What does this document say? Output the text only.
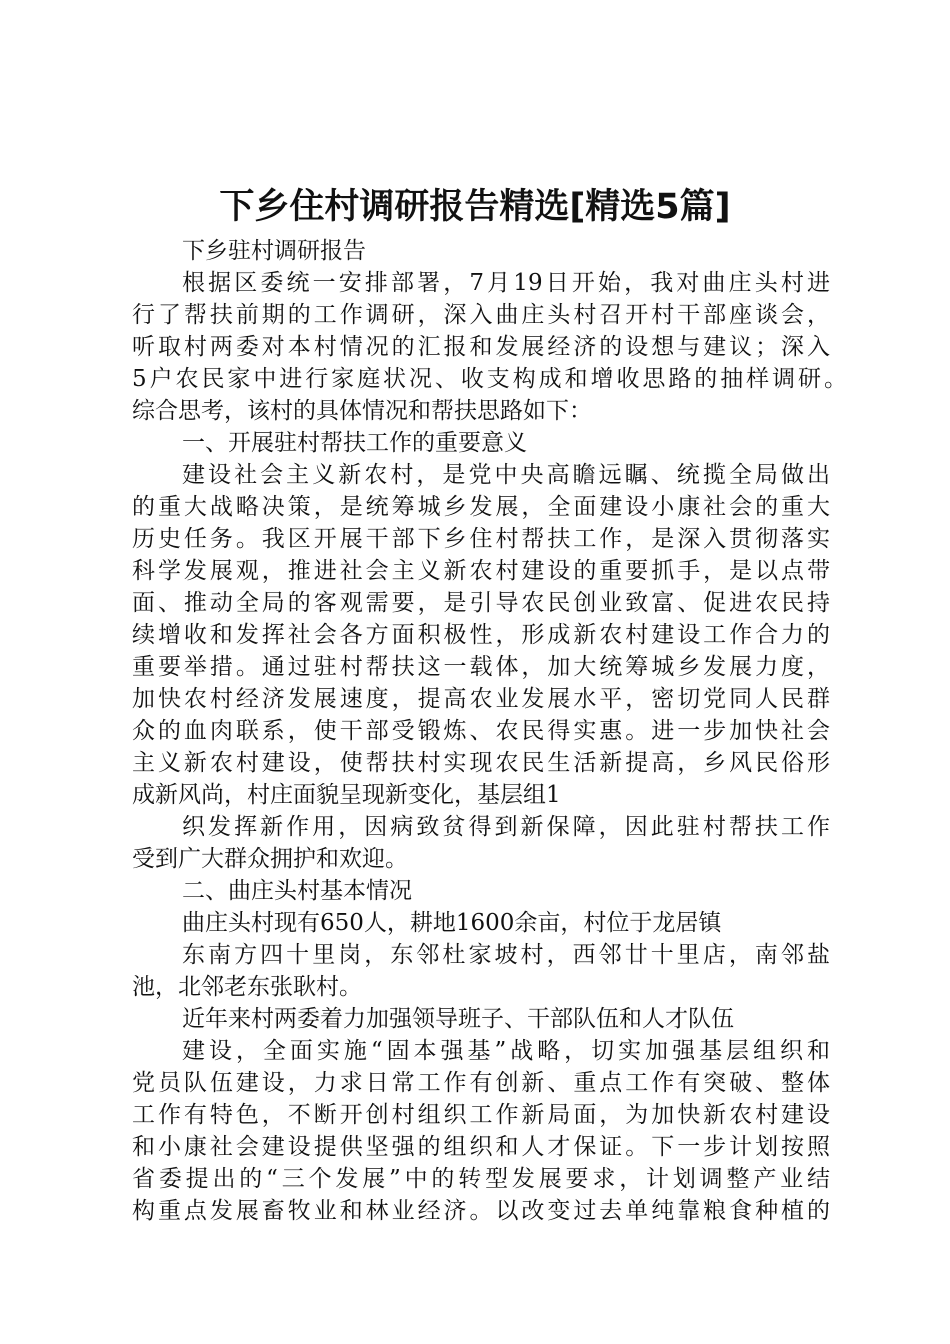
下乡住村调研报告精选[精选5篇]
下乡驻村调研报告
根据区委统一安排部署，7月19日开始，我对曲庄头村进
行了帮扶前期的工作调研，深入曲庄头村召开村干部座谈会，
听取村两委对本村情况的汇报和发展经济的设想与建议；深入
5户农民家中进行家庭状况、收支构成和增收思路的抽样调研。
综合思考，该村的具体情况和帮扶思路如下：
一、开展驻村帮扶工作的重要意义
建设社会主义新农村，是党中央高瞻远瞩、统揽全局做出
的重大战略决策，是统筹城乡发展，全面建设小康社会的重大
历史任务。我区开展干部下乡住村帮扶工作，是深入贯彻落实
科学发展观，推进社会主义新农村建设的重要抓手，是以点带
面、推动全局的客观需要，是引导农民创业致富、促进农民持
续增收和发挥社会各方面积极性，形成新农村建设工作合力的
重要举措。通过驻村帮扶这一载体，加大统筹城乡发展力度，
加快农村经济发展速度，提高农业发展水平，密切党同人民群
众的血肉联系，使干部受锻炼、农民得实惠。进一步加快社会
主义新农村建设，使帮扶村实现农民生活新提高，乡风民俗形
成新风尚，村庄面貌呈现新变化，基层组1
织发挥新作用，因病致贫得到新保障，因此驻村帮扶工作
受到广大群众拥护和欢迎。
二、曲庄头村基本情况
曲庄头村现有650人，耕地1600余亩，村位于龙居镇
东南方四十里岗，东邻杜家坡村，西邻廿十里店，南邻盐
池，北邻老东张耿村。
近年来村两委着力加强领导班子、干部队伍和人才队伍
建设，全面实施“固本强基”战略，切实加强基层组织和
党员队伍建设，力求日常工作有创新、重点工作有突破、整体
工作有特色，不断开创村组织工作新局面，为加快新农村建设
和小康社会建设提供坚强的组织和人才保证。下一步计划按照
省委提出的“三个发展”中的转型发展要求，计划调整产业结
构重点发展畜牧业和林业经济。以改变过去单纯靠粮食种植的
